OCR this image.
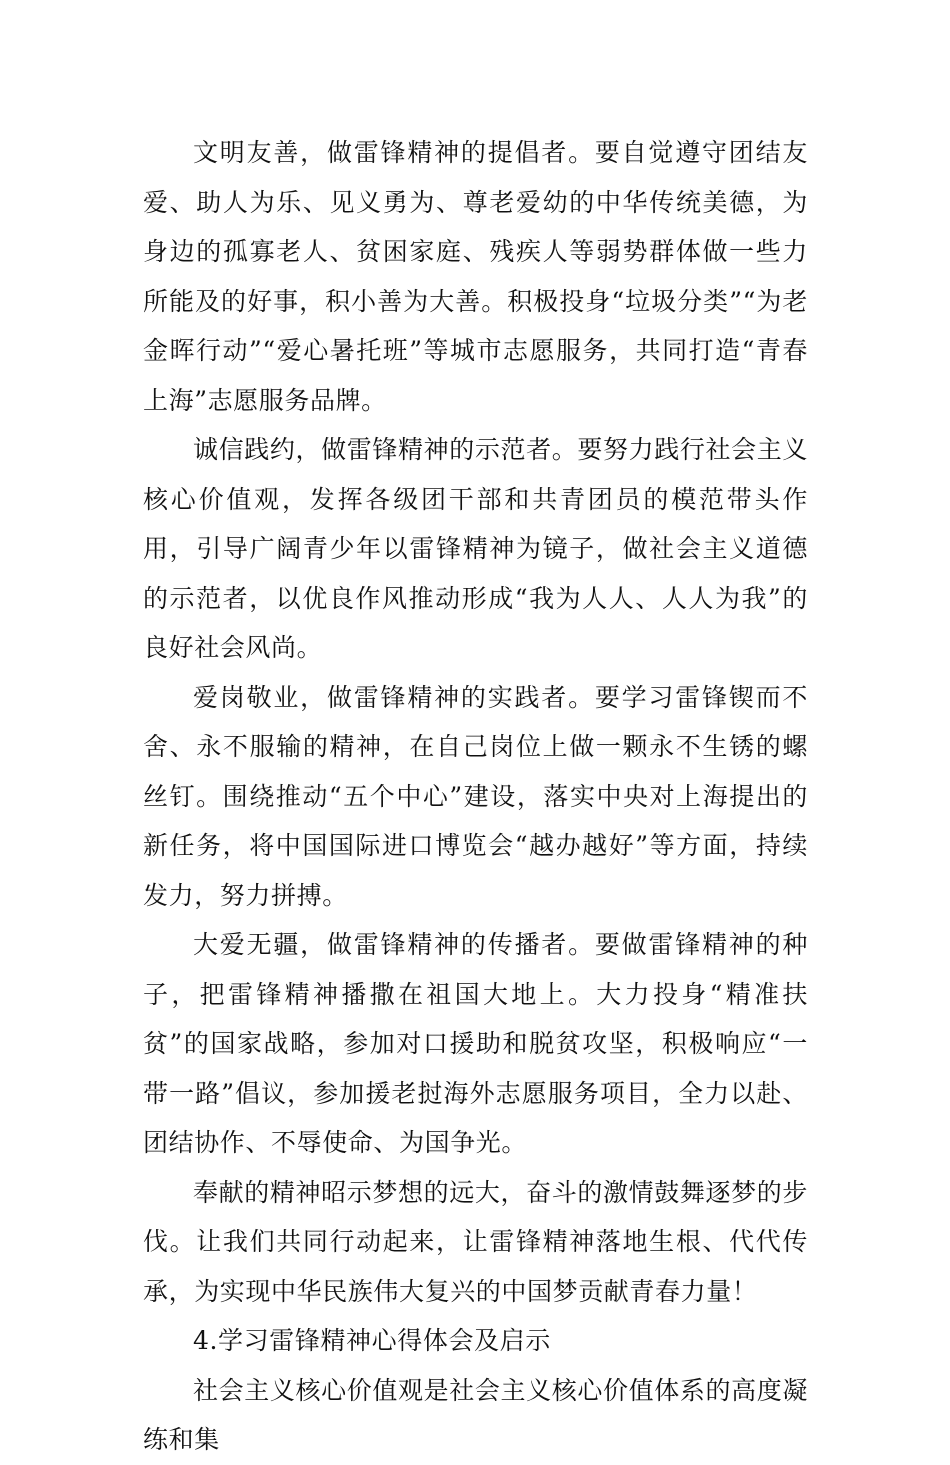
文明友善，做雷锋精神的提倡者。要自觉遵守团结友爱、助人为乐、见义勇为、尊老爱幼的中华传统美德，为身边的孤寡老人、贫困家庭、残疾人等弱势群体做一些力所能及的好事，积小善为大善。积极投身“垃圾分类”“为老金晖行动”“爱心暑托班”等城市志愿服务，共同打造“青春上海”志愿服务品牌。

诚信践约，做雷锋精神的示范者。要努力践行社会主义核心价值观，发挥各级团干部和共青团员的模范带头作用，引导广阔青少年以雷锋精神为镜子，做社会主义道德的示范者，以优良作风推动形成“我为人人、人人为我”的良好社会风尚。

爱岗敬业，做雷锋精神的实践者。要学习雷锋锲而不舍、永不服输的精神，在自己岗位上做一颗永不生锈的螺丝钉。围绕推动“五个中心”建设，落实中央对上海提出的新任务，将中国国际进口博览会“越办越好”等方面，持续发力，努力拼搏。

大爱无疆，做雷锋精神的传播者。要做雷锋精神的种子，把雷锋精神播撒在祖国大地上。大力投身“精准扶贫”的国家战略，参加对口援助和脱贫攻坚，积极响应“一带一路”倡议，参加援老挝海外志愿服务项目，全力以赴、团结协作、不辱使命、为国争光。

奉献的精神昭示梦想的远大，奋斗的激情鼓舞逐梦的步伐。让我们共同行动起来，让雷锋精神落地生根、代代传承，为实现中华民族伟大复兴的中国梦贡献青春力量！

4.学习雷锋精神心得体会及启示

社会主义核心价值观是社会主义核心价值体系的高度凝练和集
